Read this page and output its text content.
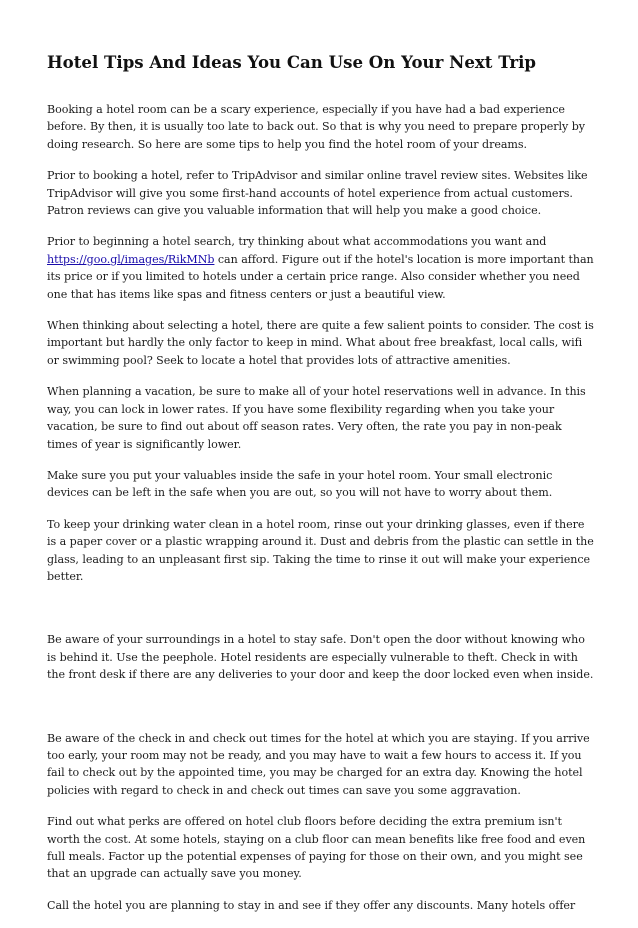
Hotel Tips And Ideas You Can Use On Your Next Trip

Booking a hotel room can be a scary experience, especially if you have had a bad experience before. By then, it is usually too late to back out. So that is why you need to prepare properly by doing research. So here are some tips to help you find the hotel room of your dreams.

Prior to booking a hotel, refer to TripAdvisor and similar online travel review sites. Websites like TripAdvisor will give you some first-hand accounts of hotel experience from actual customers. Patron reviews can give you valuable information that will help you make a good choice.

Prior to beginning a hotel search, try thinking about what accommodations you want and https://goo.gl/images/RikMNb can afford. Figure out if the hotel's location is more important than its price or if you limited to hotels under a certain price range. Also consider whether you need one that has items like spas and fitness centers or just a beautiful view.

When thinking about selecting a hotel, there are quite a few salient points to consider. The cost is important but hardly the only factor to keep in mind. What about free breakfast, local calls, wifi or swimming pool? Seek to locate a hotel that provides lots of attractive amenities.

When planning a vacation, be sure to make all of your hotel reservations well in advance. In this way, you can lock in lower rates. If you have some flexibility regarding when you take your vacation, be sure to find out about off season rates. Very often, the rate you pay in non-peak times of year is significantly lower.

Make sure you put your valuables inside the safe in your hotel room. Your small electronic devices can be left in the safe when you are out, so you will not have to worry about them.

To keep your drinking water clean in a hotel room, rinse out your drinking glasses, even if there is a paper cover or a plastic wrapping around it. Dust and debris from the plastic can settle in the glass, leading to an unpleasant first sip. Taking the time to rinse it out will make your experience better.

Be aware of your surroundings in a hotel to stay safe. Don't open the door without knowing who is behind it. Use the peephole. Hotel residents are especially vulnerable to theft. Check in with the front desk if there are any deliveries to your door and keep the door locked even when inside.

Be aware of the check in and check out times for the hotel at which you are staying. If you arrive too early, your room may not be ready, and you may have to wait a few hours to access it. If you fail to check out by the appointed time, you may be charged for an extra day. Knowing the hotel policies with regard to check in and check out times can save you some aggravation.

Find out what perks are offered on hotel club floors before deciding the extra premium isn't worth the cost. At some hotels, staying on a club floor can mean benefits like free food and even full meals. Factor up the potential expenses of paying for those on their own, and you might see that an upgrade can actually save you money.

Call the hotel you are planning to stay in and see if they offer any discounts. Many hotels offer
